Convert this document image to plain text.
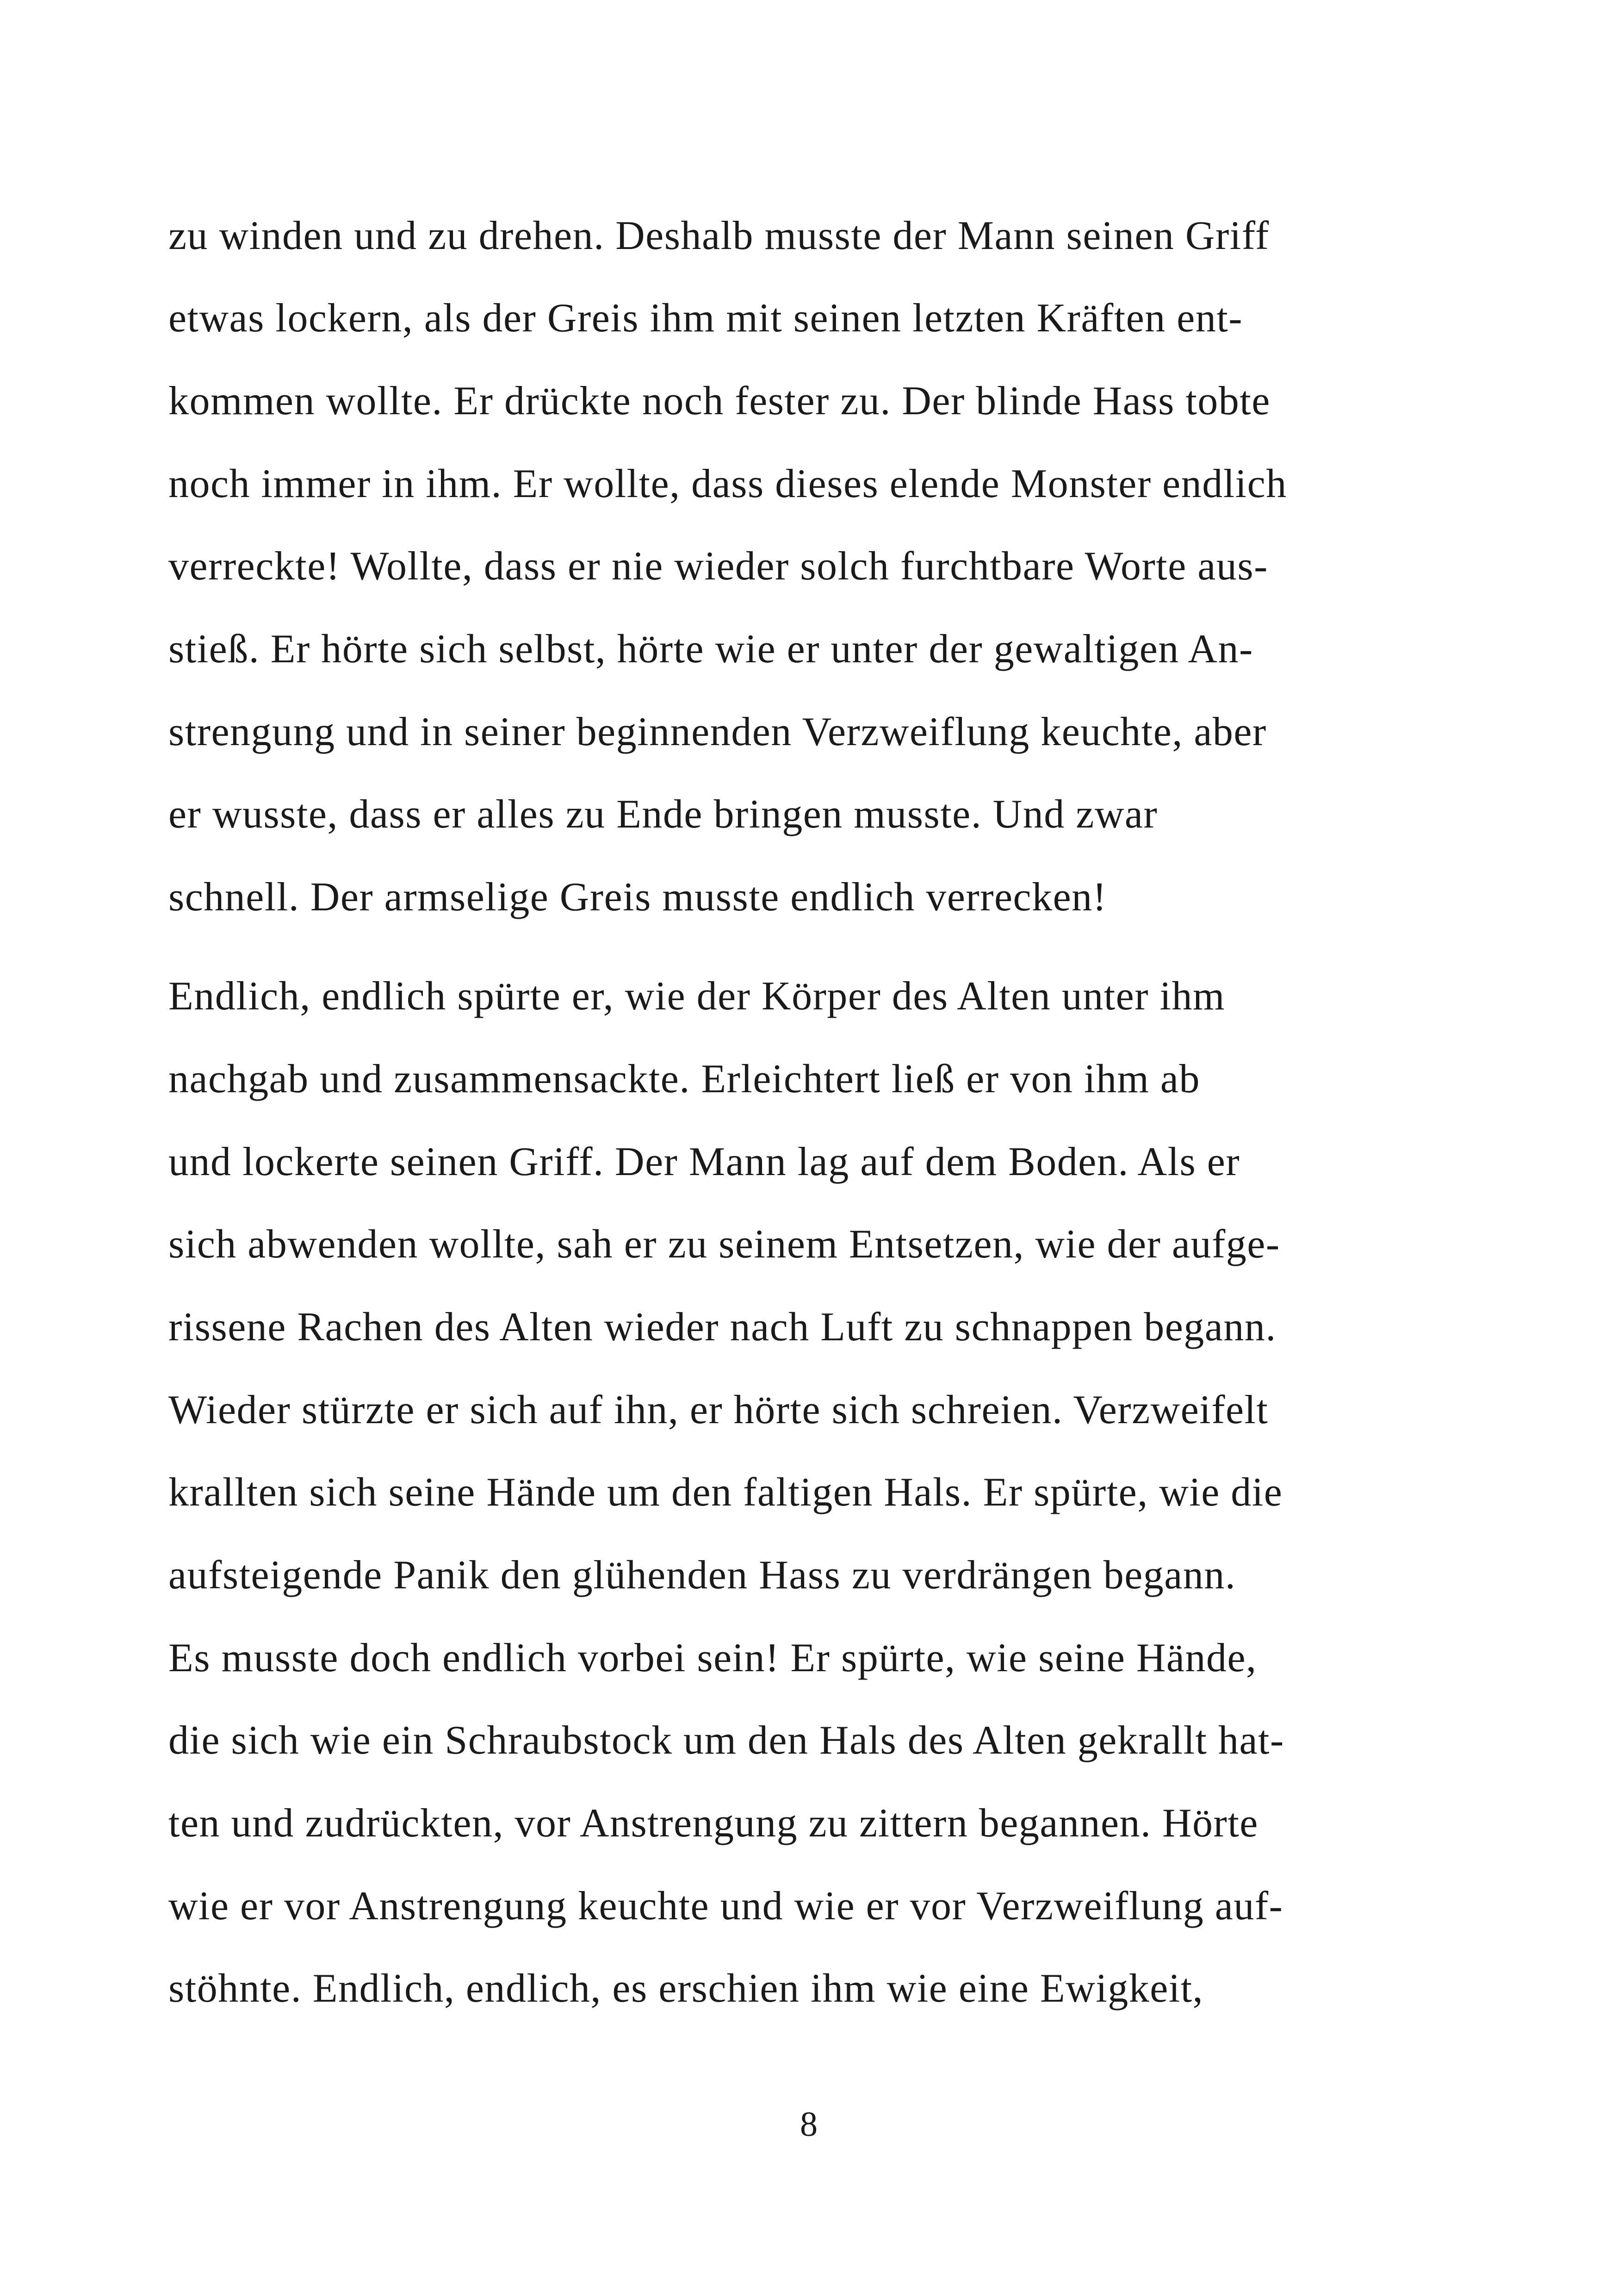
zu winden und zu drehen. Deshalb musste der Mann seinen Griff
etwas lockern, als der Greis ihm mit seinen letzten Kräften ent-
kommen wollte. Er drückte noch fester zu. Der blinde Hass tobte
noch immer in ihm. Er wollte, dass dieses elende Monster endlich
verreckte! Wollte, dass er nie wieder solch furchtbare Worte aus-
stieß. Er hörte sich selbst, hörte wie er unter der gewaltigen An-
strengung und in seiner beginnenden Verzweiflung keuchte, aber
er wusste, dass er alles zu Ende bringen musste. Und zwar
schnell. Der armselige Greis musste endlich verrecken!
Endlich, endlich spürte er, wie der Körper des Alten unter ihm
nachgab und zusammensackte. Erleichtert ließ er von ihm ab
und lockerte seinen Griff. Der Mann lag auf dem Boden. Als er
sich abwenden wollte, sah er zu seinem Entsetzen, wie der aufge-
rissene Rachen des Alten wieder nach Luft zu schnappen begann.
Wieder stürzte er sich auf ihn, er hörte sich schreien. Verzweifelt
krallten sich seine Hände um den faltigen Hals. Er spürte, wie die
aufsteigende Panik den glühenden Hass zu verdrängen begann.
Es musste doch endlich vorbei sein! Er spürte, wie seine Hände,
die sich wie ein Schraubstock um den Hals des Alten gekrallt hat-
ten und zudrückten, vor Anstrengung zu zittern begannen. Hörte
wie er vor Anstrengung keuchte und wie er vor Verzweiflung auf-
stöhnte. Endlich, endlich, es erschien ihm wie eine Ewigkeit,
8
